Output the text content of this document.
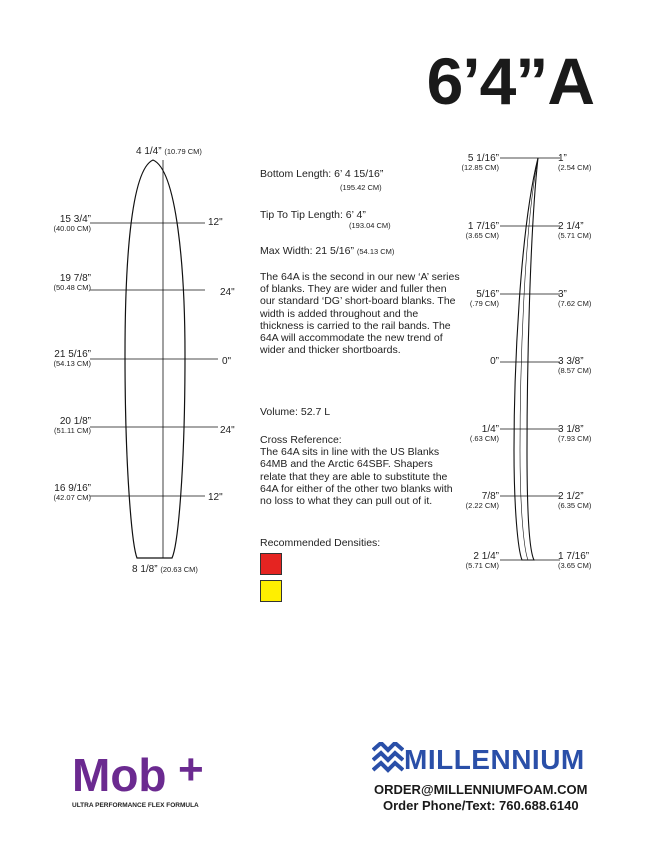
6’4”A
4 1/4” (10.79 CM)
8 1/8” (20.63 CM)
15 3/4”
(40.00 CM)
19 7/8”
(50.48 CM)
21 5/16”
(54.13 CM)
20 1/8”
(51.11 CM)
16 9/16”
(42.07 CM)
12"
24"
0"
24"
12"
Bottom Length: 6’ 4 15/16”
(195.42 CM)
Tip To Tip Length: 6’ 4”
(193.04 CM)
Max Width: 21 5/16” (54.13 CM)
The 64A is the second in our new ‘A’ series of blanks. They are wider and fuller then our standard ‘DG’ short-board blanks. The width is added throughout and the thickness is carried to the rail bands. The 64A will accommodate the new trend of wider and thicker shortboards.
Volume: 52.7 L
Cross Reference:
The 64A sits in line with the US Blanks 64MB and the Arctic 64SBF. Shapers relate that they are able to substitute the 64A for either of the other two blanks with no loss to what they can pull out of it.
Recommended Densities:
5 1/16”
(12.85 CM)
1 7/16”
(3.65 CM)
5/16”
(.79 CM)
0”
1/4”
(.63 CM)
7/8”
(2.22 CM)
2 1/4”
(5.71 CM)
1”
(2.54 CM)
2 1/4”
(5.71 CM)
3”
(7.62 CM)
3 3/8”
(8.57 CM)
3 1/8”
(7.93 CM)
2 1/2”
(6.35 CM)
1 7/16”
(3.65 CM)
Mob +
ULTRA PERFORMANCE FLEX FORMULA
MILLENNIUM
ORDER@MILLENNIUMFOAM.COM
Order Phone/Text: 760.688.6140
